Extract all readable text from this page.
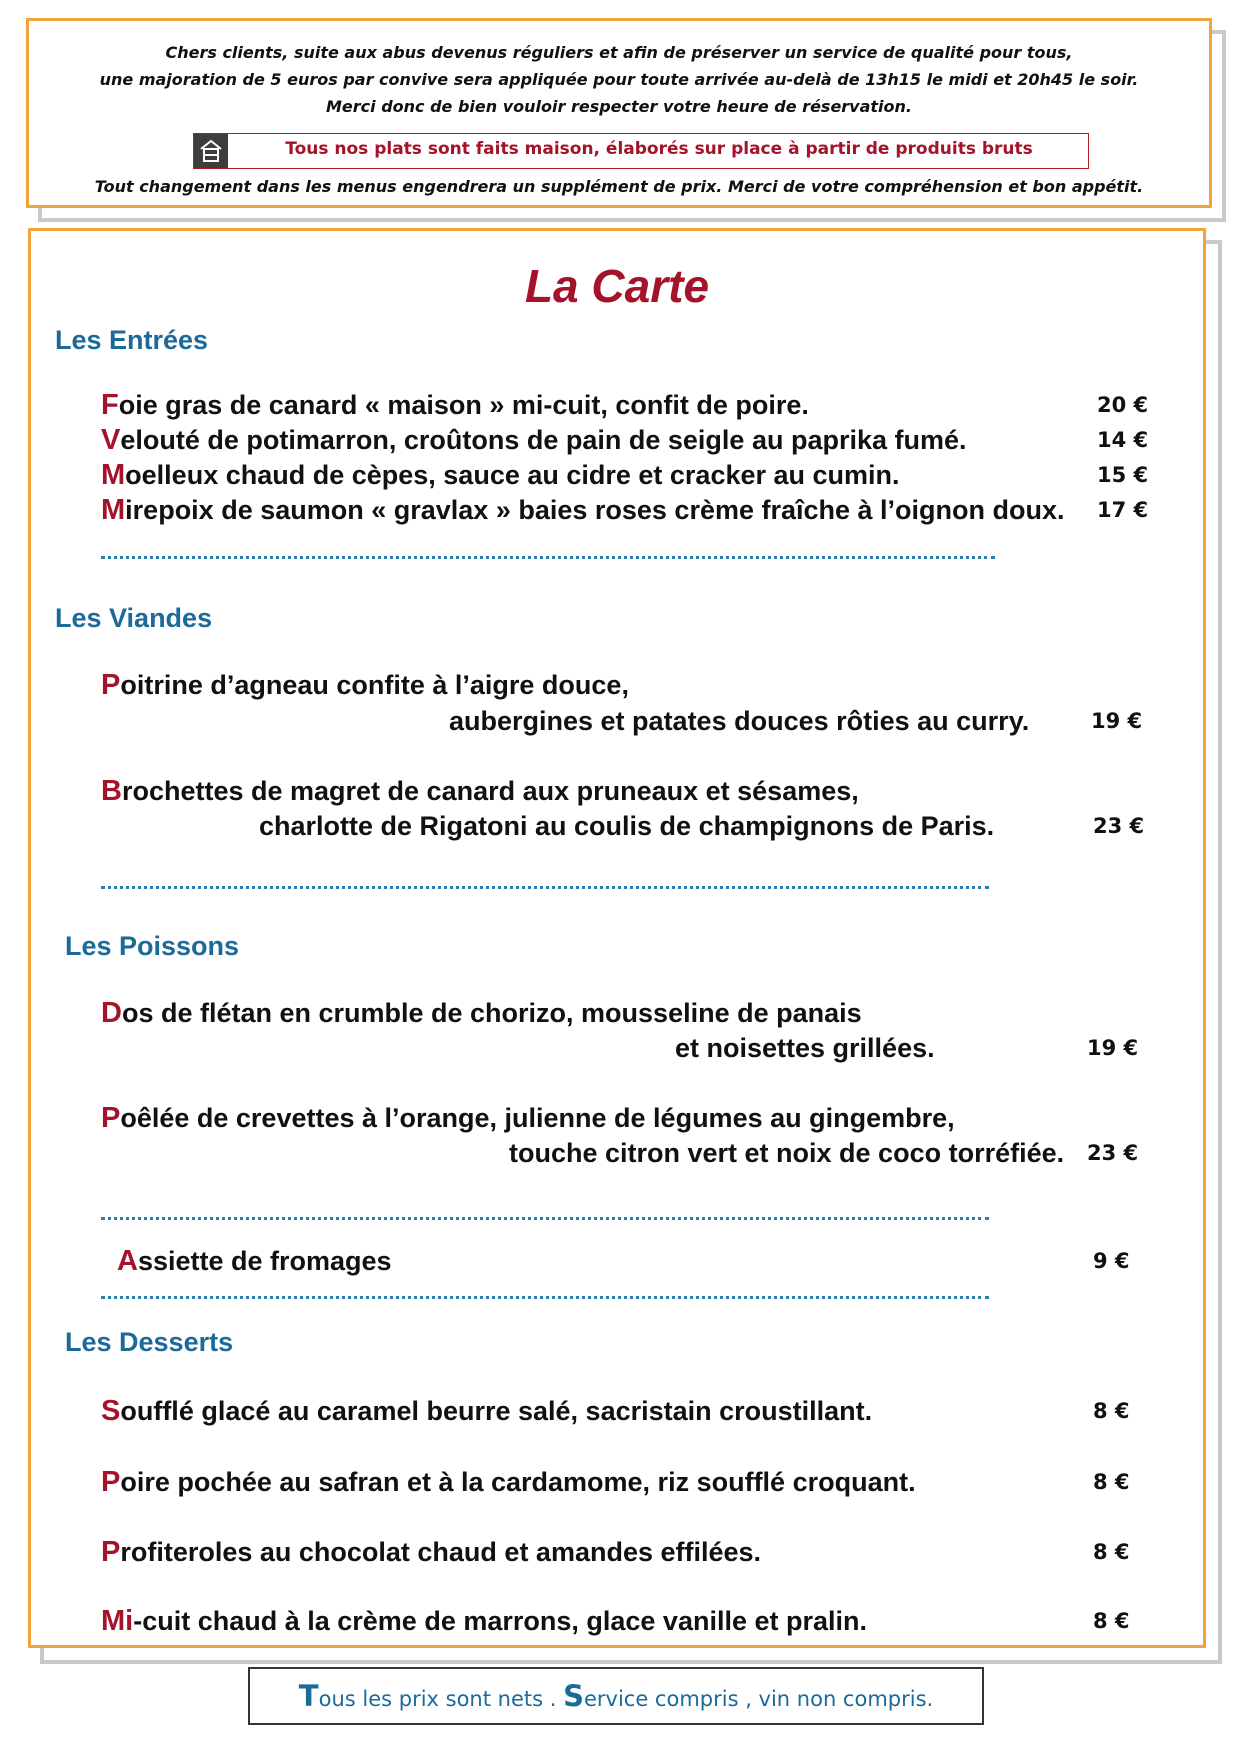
Chers clients, suite aux abus devenus réguliers et afin de préserver un service de qualité pour tous,
une majoration de 5 euros par convive sera appliquée pour toute arrivée au-delà de 13h15 le midi et 20h45 le soir.
Merci donc de bien vouloir respecter votre heure de réservation.
Tous nos plats sont faits maison, élaborés sur place à partir de produits bruts
Tout changement dans les menus engendrera un supplément de prix. Merci de votre compréhension et bon appétit.
La Carte
Les Entrées
Foie gras de canard « maison » mi-cuit, confit de poire.	20 €
Velouté de potimarron, croûtons de pain de seigle au paprika fumé.	14 €
Moelleux chaud de cèpes, sauce au cidre et cracker au cumin.	15 €
Mirepoix de saumon « gravlax » baies roses crème fraîche à l’oignon doux. 17 €
Les Viandes
Poitrine d’agneau confite à l’aigre douce,
aubergines et patates douces rôties au curry.	19 €
Brochettes de magret de canard aux pruneaux et sésames,
charlotte de Rigatoni au coulis de champignons de Paris.	23 €
Les Poissons
Dos de flétan en crumble de chorizo, mousseline de panais
et noisettes grillées.	19 €
Poêlée de crevettes à l’orange, julienne de légumes au gingembre,
touche citron vert et noix de coco torréfiée. 23 €
Assiette de fromages	9 €
Les Desserts
Soufflé glacé au caramel beurre salé, sacristain croustillant.	8 €
Poire pochée au safran et à la cardamome, riz soufflé croquant.	8 €
Profiteroles au chocolat chaud et amandes effilées.	8 €
Mi-cuit chaud à la crème de marrons, glace vanille et pralin.	8 €
Tous les prix sont nets . Service compris , vin non compris.
